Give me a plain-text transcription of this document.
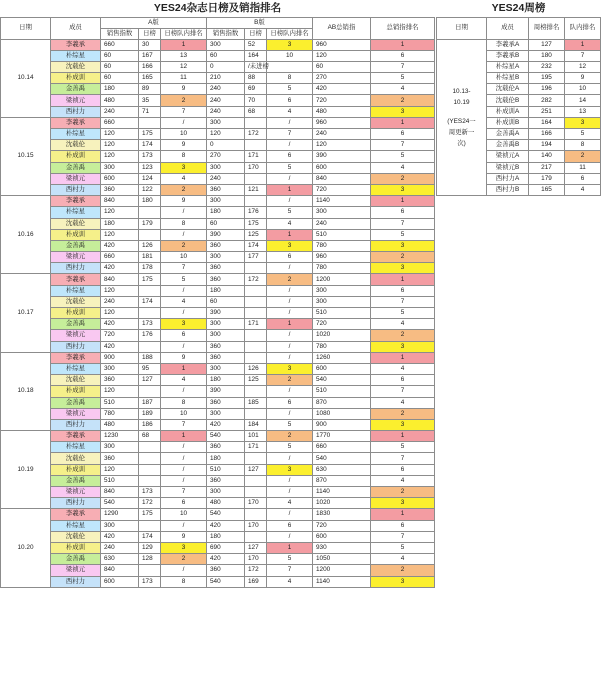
YES24杂志日榜及销指排名									
日期	成员	A版			B版			AB总销指	总销指排名
		销售指数	日榜	日榜队内排名	销售指数	日榜	日榜队内排名		
10.14	李羲承	660	30	1	300	52	3	960	1
	朴综星	60	167	13	60	164	10	120	6
	沈载伦	60	166	12	0	/未进榜		60	7
	朴成训	60	165	11	210	88	8	270	5
	金善禹	180	89	9	240	69	5	420	4
	梁祯元	480	35	2	240	70	6	720	2
	西村力	240	71	7	240	68	4	480	3
10.15	李羲承	660		/	300		/	960	1
	朴综星	120	175	10	120	172	7	240	6
	沈载伦	120	174	9	0		/	120	7
	朴成训	120	173	8	270	171	6	390	5
	金善禹	300	123	3	300	170	5	600	4
	梁祯元	600	124	4	240		/	840	2
	西村力	360	122	2	360	121	1	720	3
10.16	李羲承	840	180	9	300		/	1140	1
	朴综星	120		/	180	176	5	300	6
	沈载伦	180	179	8	60	175	4	240	7
	朴成训	120		/	390	125	1	510	5
	金善禹	420	126	2	360	174	3	780	3
	梁祯元	660	181	10	300	177	6	960	2
	西村力	420	178	7	360		/	780	3
10.17	李羲承	840	175	5	360	172	2	1200	1
	朴综星	120		/	180		/	300	6
	沈载伦	240	174	4	60		/	300	7
	朴成训	120		/	390		/	510	5
	金善禹	420	173	3	300	171	1	720	4
	梁祯元	720	176	6	300		/	1020	2
	西村力	420		/	360		/	780	3
10.18	李羲承	900	188	9	360		/	1260	1
	朴综星	300	95	1	300	126	3	600	4
	沈载伦	360	127	4	180	125	2	540	6
	朴成训	120		/	390		/	510	7
	金善禹	510	187	8	360	185	6	870	4
	梁祯元	780	189	10	300		/	1080	2
	西村力	480	186	7	420	184	5	900	3
10.19	李羲承	1230	68	1	540	101	2	1770	1
	朴综星	300		/	360	171	5	660	5
	沈载伦	360		/	180		/	540	7
	朴成训	120		/	510	127	3	630	6
	金善禹	510		/	360		/	870	4
	梁祯元	840	173	7	300		/	1140	2
	西村力	540	172	6	480	170	4	1020	3
10.20	李羲承	1290	175	10	540		/	1830	1
	朴综星	300		/	420	170	6	720	6
	沈载伦	420	174	9	180		/	600	7
	朴成训	240	129	3	690	127	1	930	5
	金善禹	630	128	2	420	170	5	1050	4
	梁祯元	840		/	360	172	7	1200	2
	西村力	600	173	8	540	169	4	1140	3
YES24周榜			
日期	成员	周榜排名	队内排名

10.13-10.19
(YES24一周更新一次)	李羲承A	127	1

	李羲承B	180	7

	朴综星A	232	12

	朴综星B	195	9

	沈载伦A	196	10

	沈载伦B	282	14

	朴成训A	251	13

	朴成训B	164	3

	金善禹A	166	5

	金善禹B	194	8

	梁祯元A	140	2

	梁祯元B	217	11

	西村力A	179	6

	西村力B	165	4
